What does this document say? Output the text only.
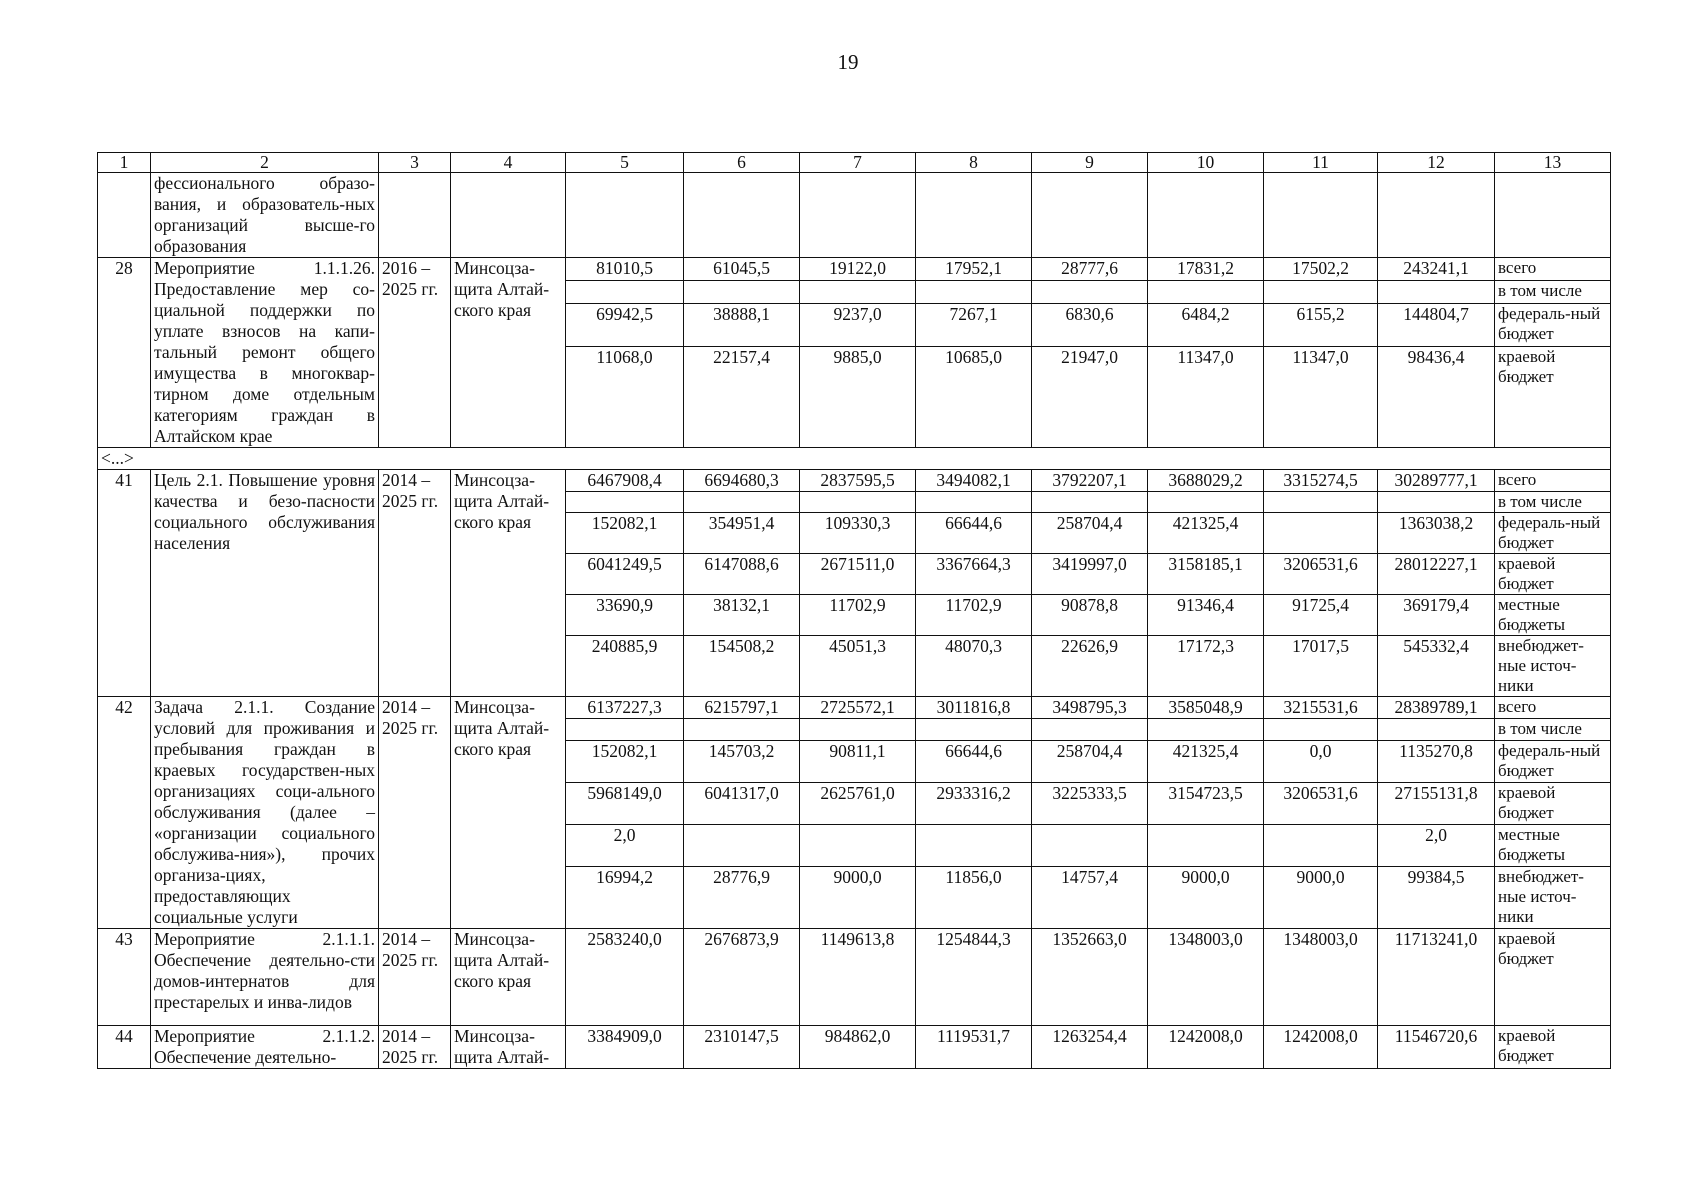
19
1	2	3	4	5	6	7	8	9	10	11	12	13
	фессионального образо-вания, и образователь-ных организаций высше-го образования											
28	Мероприятие 1.1.1.26. Предоставление мер со-циальной поддержки по уплате взносов на капи-тальный ремонт общего имущества в многоквар-тирном доме отдельным категориям граждан в Алтайском крае	2016 – 2025 гг.	Минсоцза-щита Алтай-ского края	81010,5	61045,5	19122,0	17952,1	28777,6	17831,2	17502,2	243241,1	всего
												в том числе
				69942,5	38888,1	9237,0	7267,1	6830,6	6484,2	6155,2	144804,7	федераль-ный бюджет
				11068,0	22157,4	9885,0	10685,0	21947,0	11347,0	11347,0	98436,4	краевой бюджет
<...>												
41	Цель 2.1. Повышение уровня качества и безо-пасности социального обслуживания населения	2014 – 2025 гг.	Минсоцза-щита Алтай-ского края	6467908,4	6694680,3	2837595,5	3494082,1	3792207,1	3688029,2	3315274,5	30289777,1	всего
												в том числе
				152082,1	354951,4	109330,3	66644,6	258704,4	421325,4		1363038,2	федераль-ный бюджет
				6041249,5	6147088,6	2671511,0	3367664,3	3419997,0	3158185,1	3206531,6	28012227,1	краевой бюджет
				33690,9	38132,1	11702,9	11702,9	90878,8	91346,4	91725,4	369179,4	местные бюджеты
				240885,9	154508,2	45051,3	48070,3	22626,9	17172,3	17017,5	545332,4	внебюджет-ные источ-ники
42	Задача 2.1.1. Создание условий для проживания и пребывания граждан в краевых государствен-ных организациях соци-ального обслуживания (далее – «организации социального обслужива-ния»), прочих организа-циях, предоставляющих социальные услуги	2014 – 2025 гг.	Минсоцза-щита Алтай-ского края	6137227,3	6215797,1	2725572,1	3011816,8	3498795,3	3585048,9	3215531,6	28389789,1	всего
												в том числе
				152082,1	145703,2	90811,1	66644,6	258704,4	421325,4	0,0	1135270,8	федераль-ный бюджет
				5968149,0	6041317,0	2625761,0	2933316,2	3225333,5	3154723,5	3206531,6	27155131,8	краевой бюджет
				2,0							2,0	местные бюджеты
				16994,2	28776,9	9000,0	11856,0	14757,4	9000,0	9000,0	99384,5	внебюджет-ные источ-ники
43	Мероприятие 2.1.1.1. Обеспечение деятельно-сти домов-интернатов для престарелых и инва-лидов	2014 – 2025 гг.	Минсоцза-щита Алтай-ского края	2583240,0	2676873,9	1149613,8	1254844,3	1352663,0	1348003,0	1348003,0	11713241,0	краевой бюджет
44	Мероприятие 2.1.1.2. Обеспечение деятельно-	2014 – 2025 гг.	Минсоцза-щита Алтай-	3384909,0	2310147,5	984862,0	1119531,7	1263254,4	1242008,0	1242008,0	11546720,6	краевой бюджет
